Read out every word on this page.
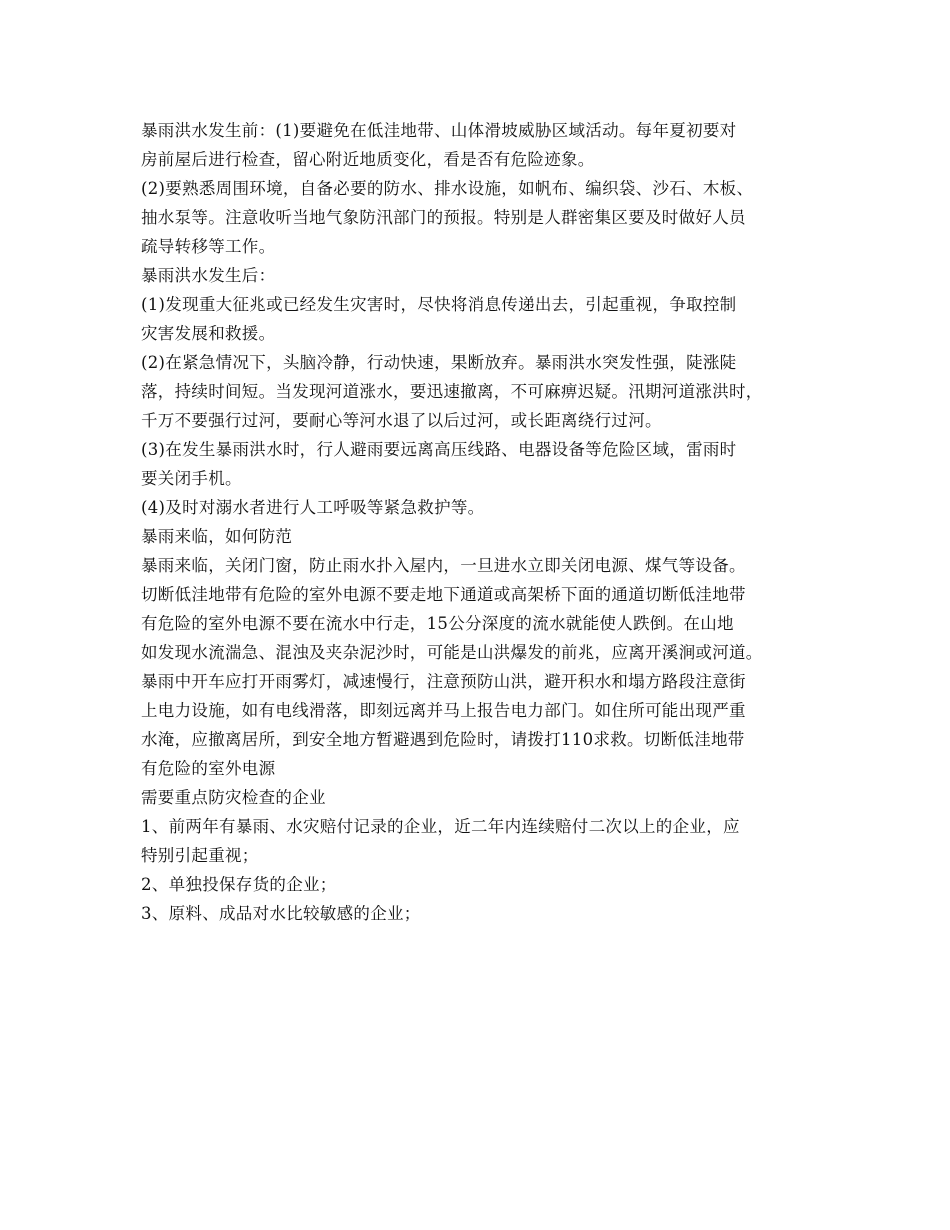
暴雨洪水发生前：(1)要避免在低洼地带、山体滑坡威胁区域活动。每年夏初要对
房前屋后进行检查，留心附近地质变化，看是否有危险迹象。
(2)要熟悉周围环境，自备必要的防水、排水设施，如帆布、编织袋、沙石、木板、
抽水泵等。注意收听当地气象防汛部门的预报。特别是人群密集区要及时做好人员
疏导转移等工作。
暴雨洪水发生后：
(1)发现重大征兆或已经发生灾害时，尽快将消息传递出去，引起重视，争取控制
灾害发展和救援。
(2)在紧急情况下，头脑冷静，行动快速，果断放弃。暴雨洪水突发性强，陡涨陡
落，持续时间短。当发现河道涨水，要迅速撤离，不可麻痹迟疑。汛期河道涨洪时，
千万不要强行过河，要耐心等河水退了以后过河，或长距离绕行过河。
(3)在发生暴雨洪水时，行人避雨要远离高压线路、电器设备等危险区域，雷雨时
要关闭手机。
(4)及时对溺水者进行人工呼吸等紧急救护等。
暴雨来临，如何防范
暴雨来临，关闭门窗，防止雨水扑入屋内，一旦进水立即关闭电源、煤气等设备。
切断低洼地带有危险的室外电源不要走地下通道或高架桥下面的通道切断低洼地带
有危险的室外电源不要在流水中行走，15公分深度的流水就能使人跌倒。在山地
如发现水流湍急、混浊及夹杂泥沙时，可能是山洪爆发的前兆，应离开溪涧或河道。
暴雨中开车应打开雨雾灯，减速慢行，注意预防山洪，避开积水和塌方路段注意街
上电力设施，如有电线滑落，即刻远离并马上报告电力部门。如住所可能出现严重
水淹，应撤离居所，到安全地方暂避遇到危险时，请拨打110求救。切断低洼地带
有危险的室外电源
需要重点防灾检查的企业
1、前两年有暴雨、水灾赔付记录的企业，近二年内连续赔付二次以上的企业，应
特别引起重视；
2、单独投保存货的企业；
3、原料、成品对水比较敏感的企业；
